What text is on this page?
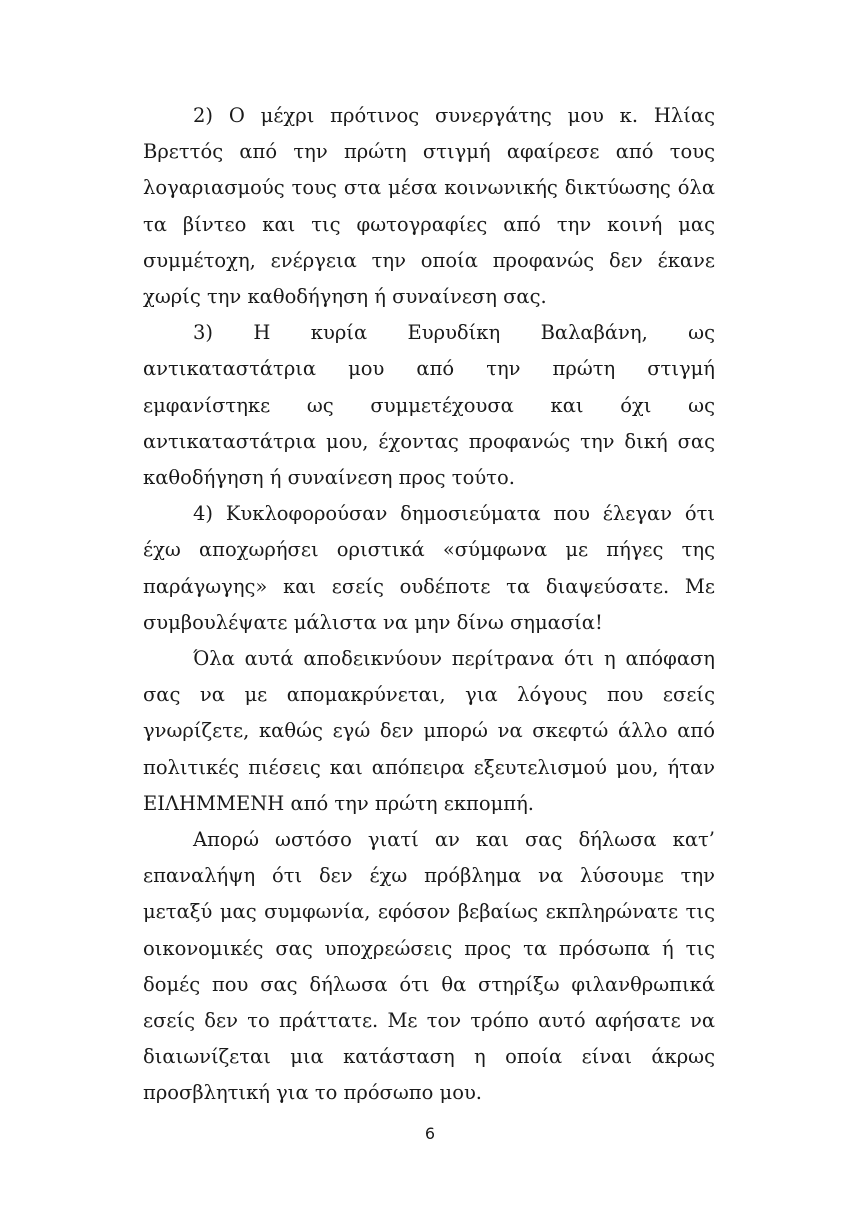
2) Ο μέχρι πρότινος συνεργάτης μου κ. Ηλίας Βρεττός από την πρώτη στιγμή αφαίρεσε από τους λογαριασμούς τους στα μέσα κοινωνικής δικτύωσης όλα τα βίντεο και τις φωτογραφίες από την κοινή μας συμμέτοχη, ενέργεια την οποία προφανώς δεν έκανε χωρίς την καθοδήγηση ή συναίνεση σας.

3) Η κυρία Ευρυδίκη Βαλαβάνη, ως αντικαταστάτρια μου από την πρώτη στιγμή εμφανίστηκε ως συμμετέχουσα και όχι ως αντικαταστάτρια μου, έχοντας προφανώς την δική σας καθοδήγηση ή συναίνεση προς τούτο.

4) Κυκλοφορούσαν δημοσιεύματα που έλεγαν ότι έχω αποχωρήσει οριστικά «σύμφωνα με πήγες της παράγωγης» και εσείς ουδέποτε τα διαψεύσατε. Με συμβουλέψατε μάλιστα να μην δίνω σημασία!

Όλα αυτά αποδεικνύουν περίτρανα ότι η απόφαση σας να με απομακρύνεται, για λόγους που εσείς γνωρίζετε, καθώς εγώ δεν μπορώ να σκεφτώ άλλο από πολιτικές πιέσεις και απόπειρα εξευτελισμού μου, ήταν ΕΙΛΗΜΜΕΝΗ από την πρώτη εκπομπή.

Απορώ ωστόσο γιατί αν και σας δήλωσα κατ’ επαναλήψη ότι δεν έχω πρόβλημα να λύσουμε την μεταξύ μας συμφωνία, εφόσον βεβαίως εκπληρώνατε τις οικονομικές σας υποχρεώσεις προς τα πρόσωπα ή τις δομές που σας δήλωσα ότι θα στηρίξω φιλανθρωπικά εσείς δεν το πράττατε. Με τον τρόπο αυτό αφήσατε να διαιωνίζεται μια κατάσταση η οποία είναι άκρως προσβλητική για το πρόσωπο μου.

6
